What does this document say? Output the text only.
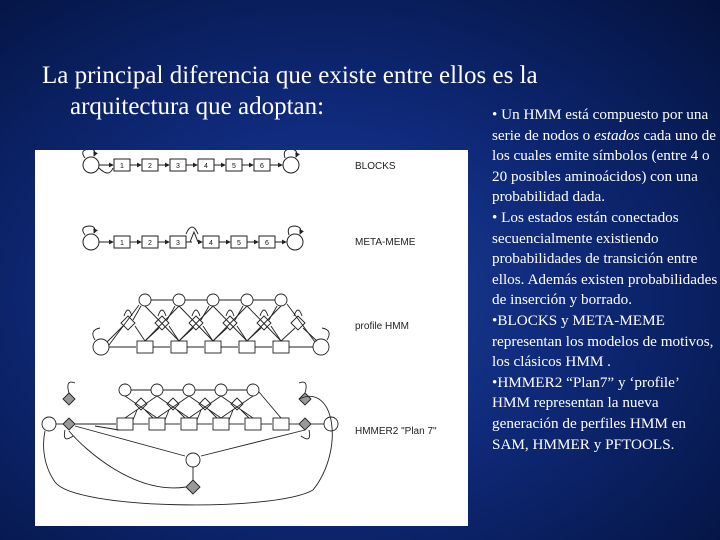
La principal diferencia que existe entre ellos es la
arquitectura que adoptan:
1	2	3	4	5	6	BLOCKS
1	2	3	4	5	6	META-MEME
profile HMM
HMMER2 "Plan 7"

• Un HMM está compuesto por una serie de nodos o estados cada uno de los cuales emite símbolos (entre 4 o 20 posibles aminoácidos) con una probabilidad dada.

• Los estados están conectados secuencialmente existiendo probabilidades de transición entre ellos. Además existen probabilidades de inserción y borrado.

•BLOCKS y META-MEME representan los modelos de motivos, los clásicos HMM .

•HMMER2 “Plan7” y ‘profile’ HMM representan la nueva generación de perfiles HMM en SAM, HMMER y PFTOOLS.
